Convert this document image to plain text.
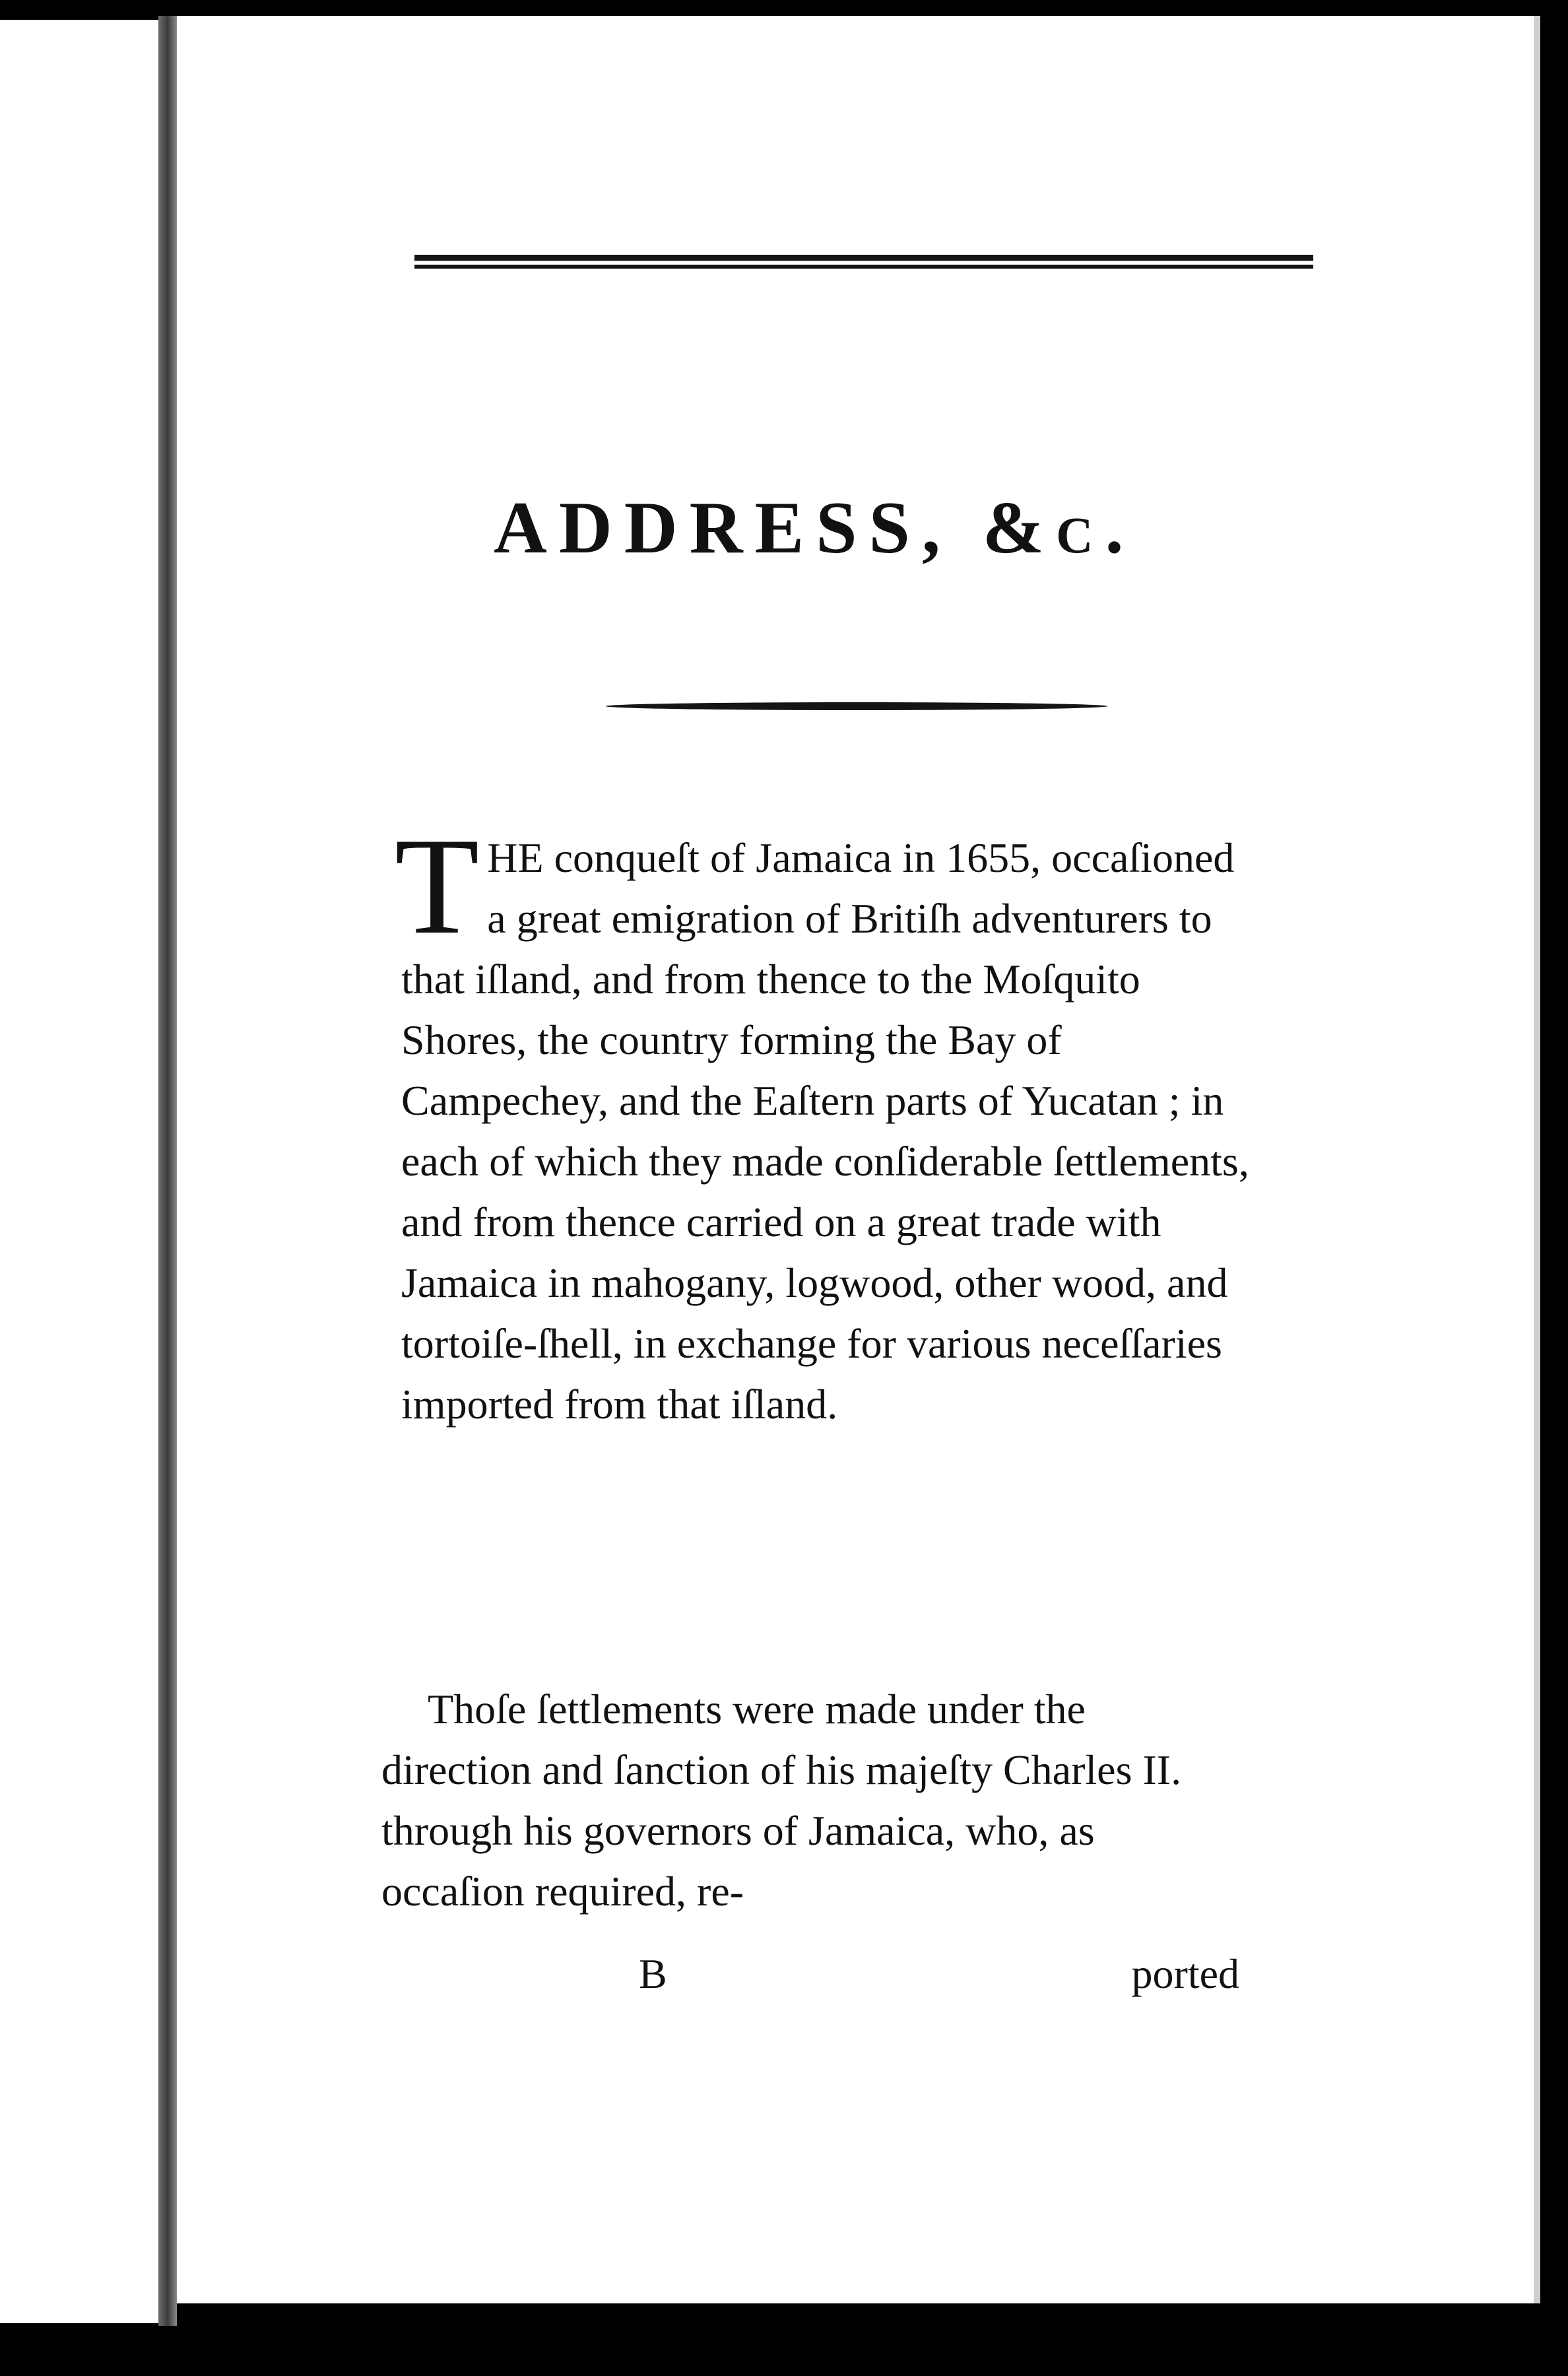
ADDRESS, &c.
THE conqueſt of Jamaica in 1655, occaſioned a great emigration of Britiſh adventurers to that iſland, and from thence to the Moſquito Shores, the country forming the Bay of Campechey, and the Eaſtern parts of Yucatan ; in each of which they made conſiderable ſettlements, and from thence carried on a great trade with Jamaica in mahogany, logwood, other wood, and tortoiſe-ſhell, in exchange for various neceſſaries imported from that iſland.
Thoſe ſettlements were made under the direction and ſanction of his majeſty Charles II. through his governors of Jamaica, who, as occaſion required, re-
B	ported
